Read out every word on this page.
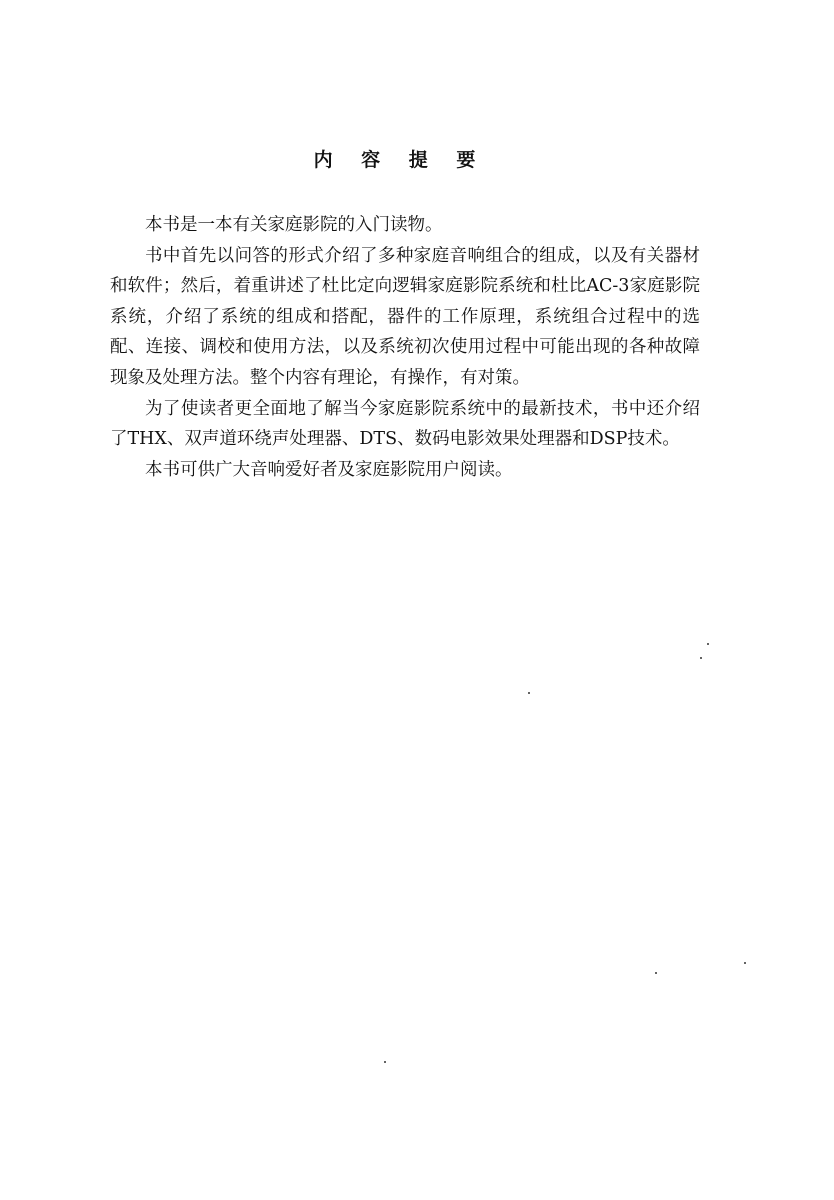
内 容 提 要

本书是一本有关家庭影院的入门读物。

书中首先以问答的形式介绍了多种家庭音响组合的组成，以及有关器材和软件；然后，着重讲述了杜比定向逻辑家庭影院系统和杜比AC-3家庭影院系统，介绍了系统的组成和搭配，器件的工作原理，系统组合过程中的选配、连接、调校和使用方法，以及系统初次使用过程中可能出现的各种故障现象及处理方法。整个内容有理论，有操作，有对策。

为了使读者更全面地了解当今家庭影院系统中的最新技术，书中还介绍了THX、双声道环绕声处理器、DTS、数码电影效果处理器和DSP技术。

本书可供广大音响爱好者及家庭影院用户阅读。
